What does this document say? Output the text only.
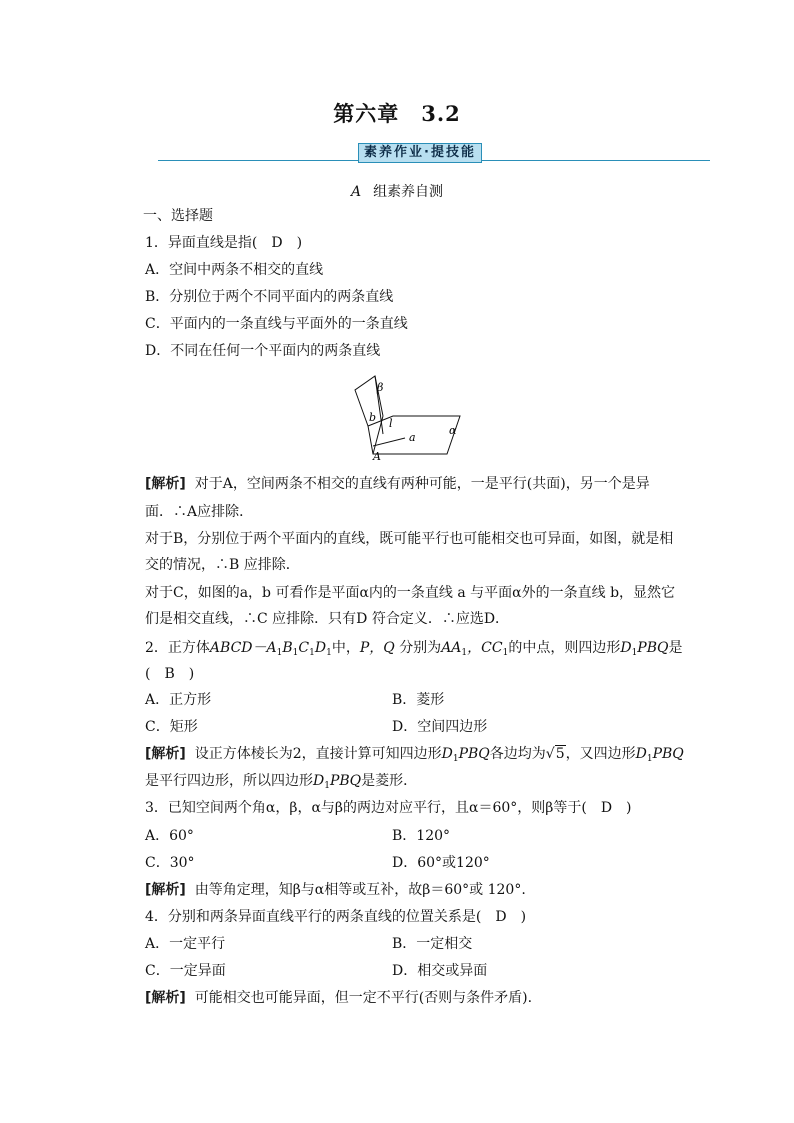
第六章　3.2
素养作业·提技能
A 组素养自测
一、选择题
1．异面直线是指(　D　)
A．空间中两条不相交的直线
B．分别位于两个不同平面内的两条直线
C．平面内的一条直线与平面外的一条直线
D．不同在任何一个平面内的两条直线
β
b l
a
α
A
[解析] 对于A，空间两条不相交的直线有两种可能，一是平行(共面)，另一个是异
面．∴A应排除．
对于B，分别位于两个平面内的直线，既可能平行也可能相交也可异面，如图，就是相
交的情况，∴B 应排除．
对于C，如图的a，b 可看作是平面α内的一条直线 a 与平面α外的一条直线 b，显然它
们是相交直线，∴C 应排除．只有D 符合定义．∴应选D．
2．正方体$ABCD-A_1B_1C_1D_1$中，P，Q 分别为$AA_1$，$CC_1$的中点，则四边形$D_1PBQ$是
(　B　)
A．正方形	B．菱形
C．矩形	D．空间四边形
[解析] 设正方体棱长为2，直接计算可知四边形$D_1PBQ$各边均为√5，又四边形$D_1PBQ$
是平行四边形，所以四边形$D_1PBQ$是菱形．
3．已知空间两个角α，β，α与β的两边对应平行，且α＝60°，则β等于(　D　)
A．60°	B．120°
C．30°	D．60°或120°
[解析] 由等角定理，知β与α相等或互补，故β＝60°或 120°.
4．分别和两条异面直线平行的两条直线的位置关系是(　D　)
A．一定平行	B．一定相交
C．一定异面	D．相交或异面
[解析] 可能相交也可能异面，但一定不平行(否则与条件矛盾).
